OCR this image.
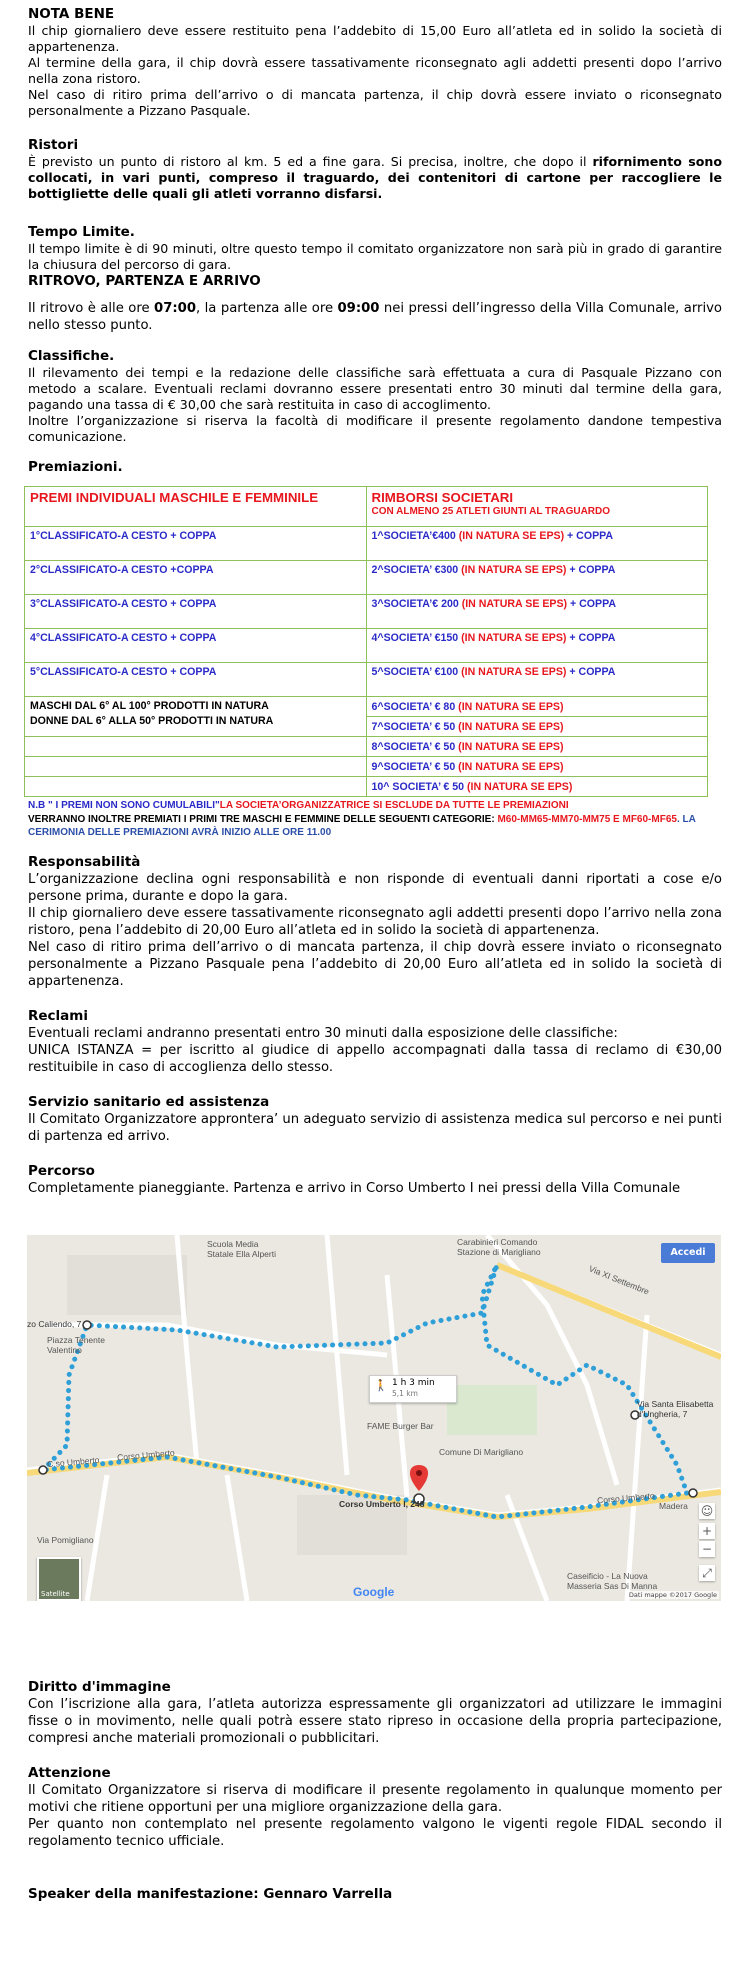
NOTA BENE

Il chip giornaliero deve essere restituito pena l’addebito di 15,00 Euro all’atleta ed in solido la società di appartenenza.

Al termine della gara, il chip dovrà essere tassativamente riconsegnato agli addetti presenti dopo l’arrivo nella zona ristoro.

Nel caso di ritiro prima dell’arrivo o di mancata partenza, il chip dovrà essere inviato o riconsegnato personalmente a Pizzano Pasquale.

Ristori

È previsto un punto di ristoro al km. 5 ed a fine gara. Si precisa, inoltre, che dopo il rifornimento sono collocati, in vari punti, compreso il traguardo, dei contenitori di cartone per raccogliere le bottigliette delle quali gli atleti vorranno disfarsi.

Tempo Limite.

Il tempo limite è di 90 minuti, oltre questo tempo il comitato organizzatore non sarà più in grado di garantire la chiusura del percorso di gara.

RITROVO, PARTENZA E ARRIVO

Il ritrovo è alle ore 07:00, la partenza alle ore 09:00 nei pressi dell’ingresso della Villa Comunale, arrivo nello stesso punto.

Classifiche.

Il rilevamento dei tempi e la redazione delle classifiche sarà effettuata a cura di Pasquale Pizzano con metodo a scalare. Eventuali reclami dovranno essere presentati entro 30 minuti dal termine della gara, pagando una tassa di € 30,00 che sarà restituita in caso di accoglimento.

Inoltre l’organizzazione si riserva la facoltà di modificare il presente regolamento dandone tempestiva comunicazione.

Premiazioni.

PREMI INDIVIDUALI MASCHILE E FEMMINILE	RIMBORSI SOCIETARI
CON ALMENO 25 ATLETI GIUNTI AL TRAGUARDO
1°CLASSIFICATO-A CESTO + COPPA	1^SOCIETA’€400 (IN NATURA SE EPS) + COPPA
2°CLASSIFICATO-A CESTO +COPPA	2^SOCIETA’ €300 (IN NATURA SE EPS) + COPPA
3°CLASSIFICATO-A CESTO + COPPA	3^SOCIETA’€ 200 (IN NATURA SE EPS) + COPPA
4°CLASSIFICATO-A CESTO + COPPA	4^SOCIETA’ €150 (IN NATURA SE EPS) + COPPA
5°CLASSIFICATO-A CESTO + COPPA	5^SOCIETA’ €100 (IN NATURA SE EPS) + COPPA
MASCHI DAL 6° AL 100° PRODOTTI IN NATURA
DONNE DAL 6° ALLA 50° PRODOTTI IN NATURA	6^SOCIETA’ € 80 (IN NATURA SE EPS)
	7^SOCIETA’ € 50 (IN NATURA SE EPS)
	8^SOCIETA’ € 50 (IN NATURA SE EPS)
	9^SOCIETA’ € 50 (IN NATURA SE EPS)
	10^ SOCIETA’ € 50 (IN NATURA SE EPS)

N.B " I PREMI NON SONO CUMULABILI"LA SOCIETA’ORGANIZZATRICE SI ESCLUDE DA TUTTE LE PREMIAZIONI
VERRANNO INOLTRE PREMIATI I PRIMI TRE MASCHI E FEMMINE DELLE SEGUENTI CATEGORIE: M60-MM65-MM70-MM75 E MF60-MF65. LA CERIMONIA DELLE PREMIAZIONI AVRÀ INIZIO ALLE ORE 11.00

Responsabilità

L’organizzazione declina ogni responsabilità e non risponde di eventuali danni riportati a cose e/o persone prima, durante e dopo la gara.

Il chip giornaliero deve essere tassativamente riconsegnato agli addetti presenti dopo l’arrivo nella zona ristoro, pena l’addebito di 20,00 Euro all’atleta ed in solido la società di appartenenza.

Nel caso di ritiro prima dell’arrivo o di mancata partenza, il chip dovrà essere inviato o riconsegnato personalmente a Pizzano Pasquale pena l’addebito di 20,00 Euro all’atleta ed in solido la società di appartenenza.

Reclami

Eventuali reclami andranno presentati entro 30 minuti dalla esposizione delle classifiche:

UNICA ISTANZA = per iscritto al giudice di appello accompagnati dalla tassa di reclamo di €30,00 restituibile in caso di accoglienza dello stesso.

Servizio sanitario ed assistenza

Il Comitato Organizzatore approntera’ un adeguato servizio di assistenza medica sul percorso e nei punti di partenza ed arrivo.

Percorso

Completamente pianeggiante. Partenza e arrivo in Corso Umberto I nei pressi della Villa Comunale

Scuola Media
Statale Ella Alperti
Carabinieri Comando
Stazione di Marigliano
zo Caliendo, 7
Piazza Tenente
Valentino
Via Santa Elisabetta
d'Ungheria, 7
FAME Burger Bar
Comune Di Marigliano
Corso Umberto I, 248	Madera
Caseificio - La Nuova
Masseria Sas Di Manna
Via XI Settembre
C.so Umberto Corso Umberto
Corso Umberto
Via Pomigliano
Accedi
🚶 1 h 3 min
5,1 km
Satellite
☺
+
−
⤢
Google	Dati mappe ©2017 Google

Diritto d'immagine

Con l’iscrizione alla gara, l’atleta autorizza espressamente gli organizzatori ad utilizzare le immagini fisse o in movimento, nelle quali potrà essere stato ripreso in occasione della propria partecipazione, compresi anche materiali promozionali o pubblicitari.

Attenzione

Il Comitato Organizzatore si riserva di modificare il presente regolamento in qualunque momento per motivi che ritiene opportuni per una migliore organizzazione della gara.

Per quanto non contemplato nel presente regolamento valgono le vigenti regole FIDAL secondo il regolamento tecnico ufficiale.

Speaker della manifestazione: Gennaro Varrella
